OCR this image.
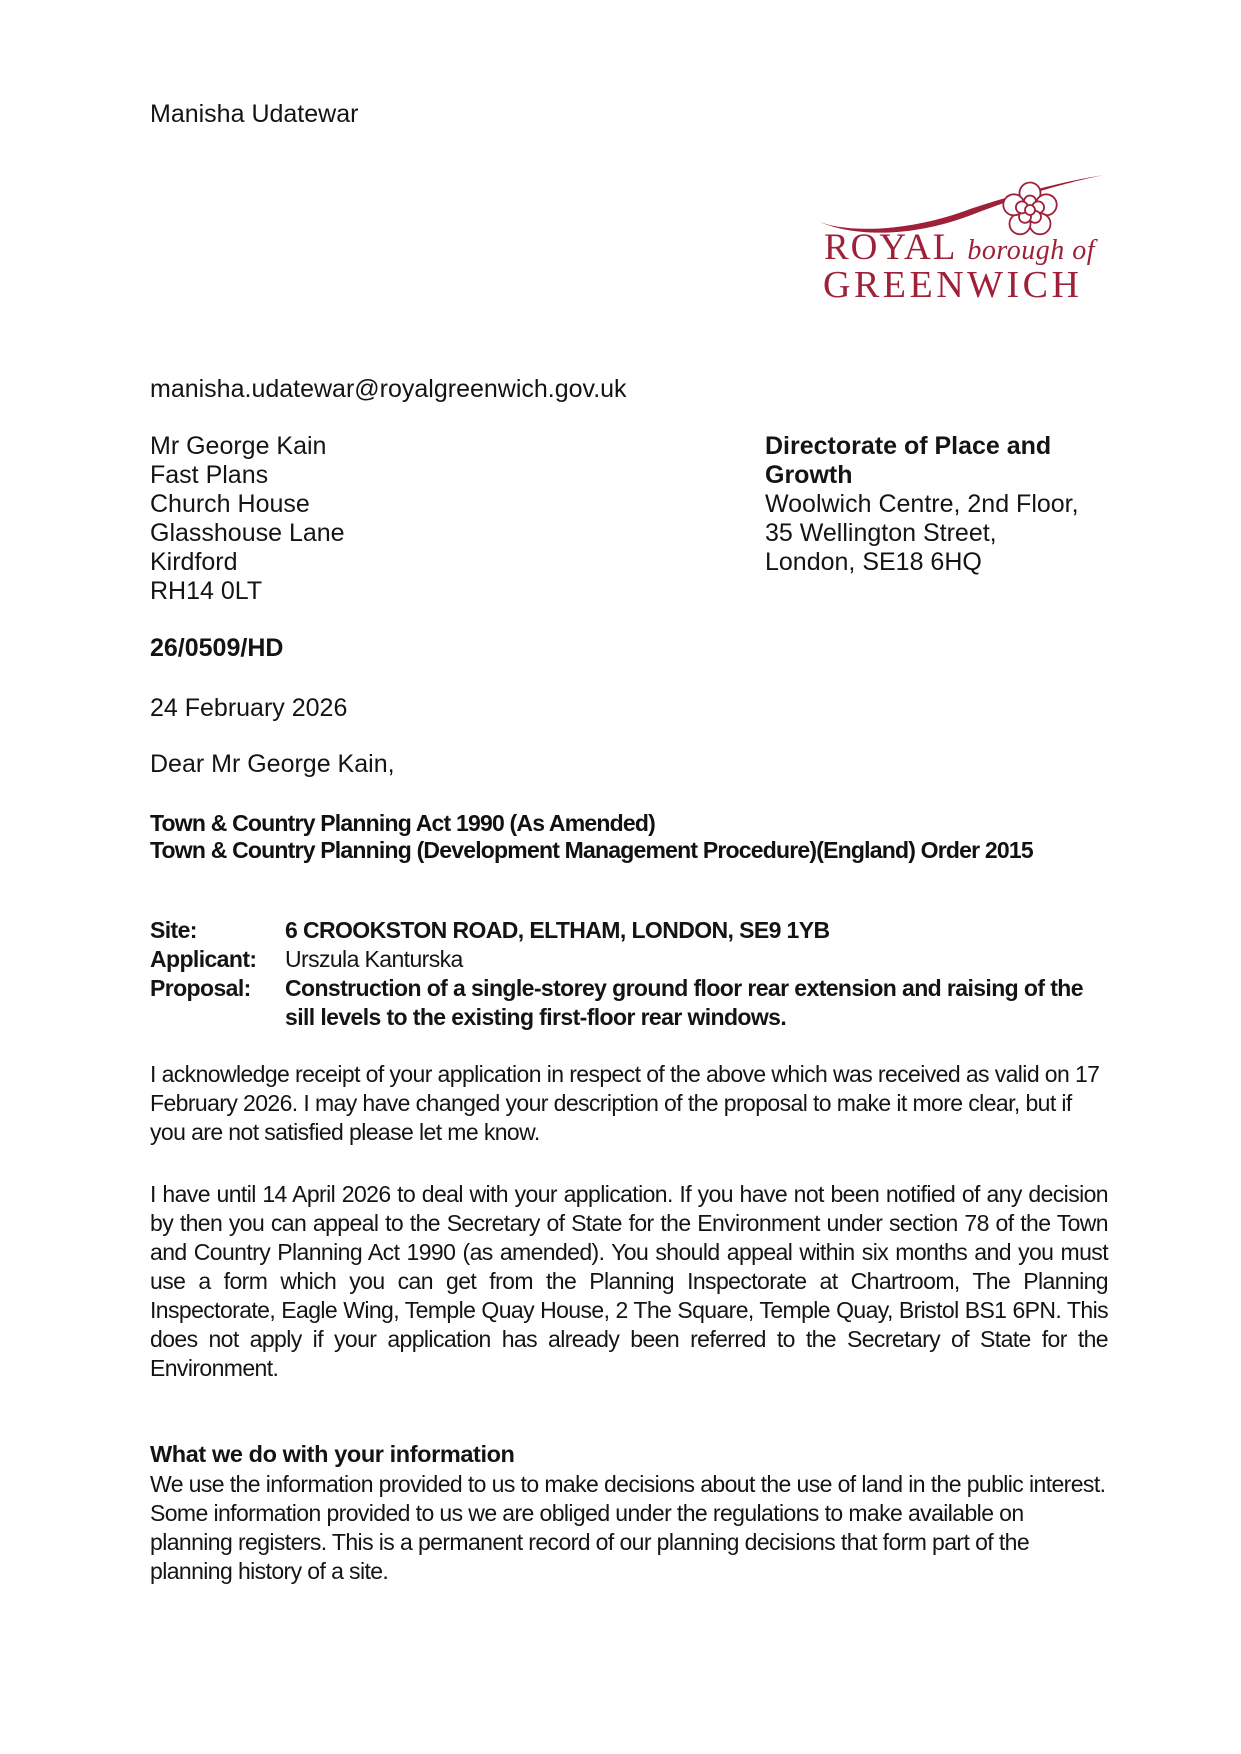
Manisha Udatewar
ROYAL borough of
GREENWICH
manisha.udatewar@royalgreenwich.gov.uk
Mr George Kain
Fast Plans
Church House
Glasshouse Lane
Kirdford
RH14 0LT
Directorate of Place and Growth
Woolwich Centre, 2nd Floor,
35 Wellington Street,
London, SE18 6HQ
26/0509/HD
24 February 2026
Dear Mr George Kain,
Town & Country Planning Act 1990 (As Amended)
Town & Country Planning (Development Management Procedure)(England) Order 2015
Site:	6 CROOKSTON ROAD, ELTHAM, LONDON, SE9 1YB
Applicant:	Urszula Kanturska
Proposal:	Construction of a single-storey ground floor rear extension and raising of the sill levels to the existing first-floor rear windows.
I acknowledge receipt of your application in respect of the above which was received as valid on 17 February 2026. I may have changed your description of the proposal to make it more clear, but if you are not satisfied please let me know.
I have until 14 April 2026 to deal with your application. If you have not been notified of any decision by then you can appeal to the Secretary of State for the Environment under section 78 of the Town and Country Planning Act 1990 (as amended). You should appeal within six months and you must use a form which you can get from the Planning Inspectorate at Chartroom, The Planning Inspectorate, Eagle Wing, Temple Quay House, 2 The Square, Temple Quay, Bristol BS1 6PN. This does not apply if your application has already been referred to the Secretary of State for the Environment.
What we do with your information
We use the information provided to us to make decisions about the use of land in the public interest. Some information provided to us we are obliged under the regulations to make available on planning registers. This is a permanent record of our planning decisions that form part of the planning history of a site.
